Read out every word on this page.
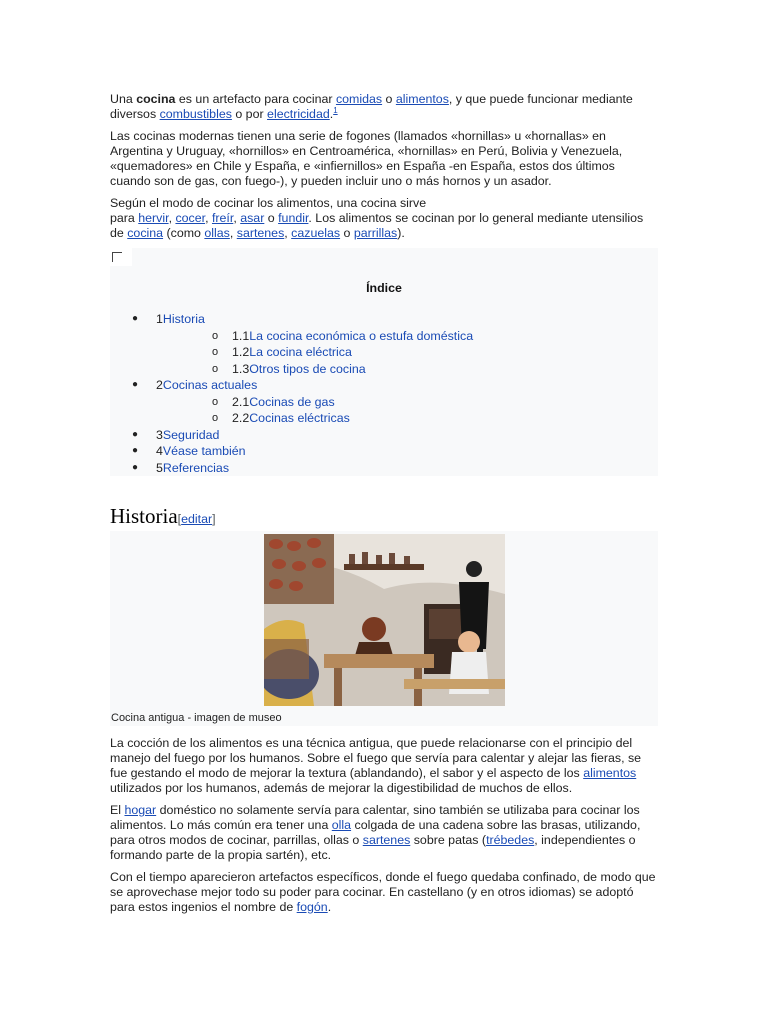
Una cocina es un artefacto para cocinar comidas o alimentos, y que puede funcionar mediante diversos combustibles o por electricidad.$^1$

Las cocinas modernas tienen una serie de fogones (llamados «hornillas» u «hornallas» en Argentina y Uruguay, «hornillos» en Centroamérica, «hornillas» en Perú, Bolivia y Venezuela, «quemadores» en Chile y España, e «infiernillos» en España -en España, estos dos últimos cuando son de gas, con fuego-), y pueden incluir uno o más hornos y un asador.

Según el modo de cocinar los alimentos, una cocina sirve
para hervir, cocer, freír, asar o fundir. Los alimentos se cocinan por lo general mediante utensilios de cocina (como ollas, sartenes, cazuelas o parrillas).

Índice
● 1Historia
o 1.1La cocina económica o estufa doméstica
o 1.2La cocina eléctrica
o 1.3Otros tipos de cocina
● 2Cocinas actuales
o 2.1Cocinas de gas
o 2.2Cocinas eléctricas
● 3Seguridad
● 4Véase también
● 5Referencias
Historia[editar]
Cocina antigua - imagen de museo

La cocción de los alimentos es una técnica antigua, que puede relacionarse con el principio del manejo del fuego por los humanos. Sobre el fuego que servía para calentar y alejar las fieras, se fue gestando el modo de mejorar la textura (ablandando), el sabor y el aspecto de los alimentos utilizados por los humanos, además de mejorar la digestibilidad de muchos de ellos.

El hogar doméstico no solamente servía para calentar, sino también se utilizaba para cocinar los alimentos. Lo más común era tener una olla colgada de una cadena sobre las brasas, utilizando, para otros modos de cocinar, parrillas, ollas o sartenes sobre patas (trébedes, independientes o formando parte de la propia sartén), etc.

Con el tiempo aparecieron artefactos específicos, donde el fuego quedaba confinado, de modo que se aprovechase mejor todo su poder para cocinar. En castellano (y en otros idiomas) se adoptó para estos ingenios el nombre de fogón.
